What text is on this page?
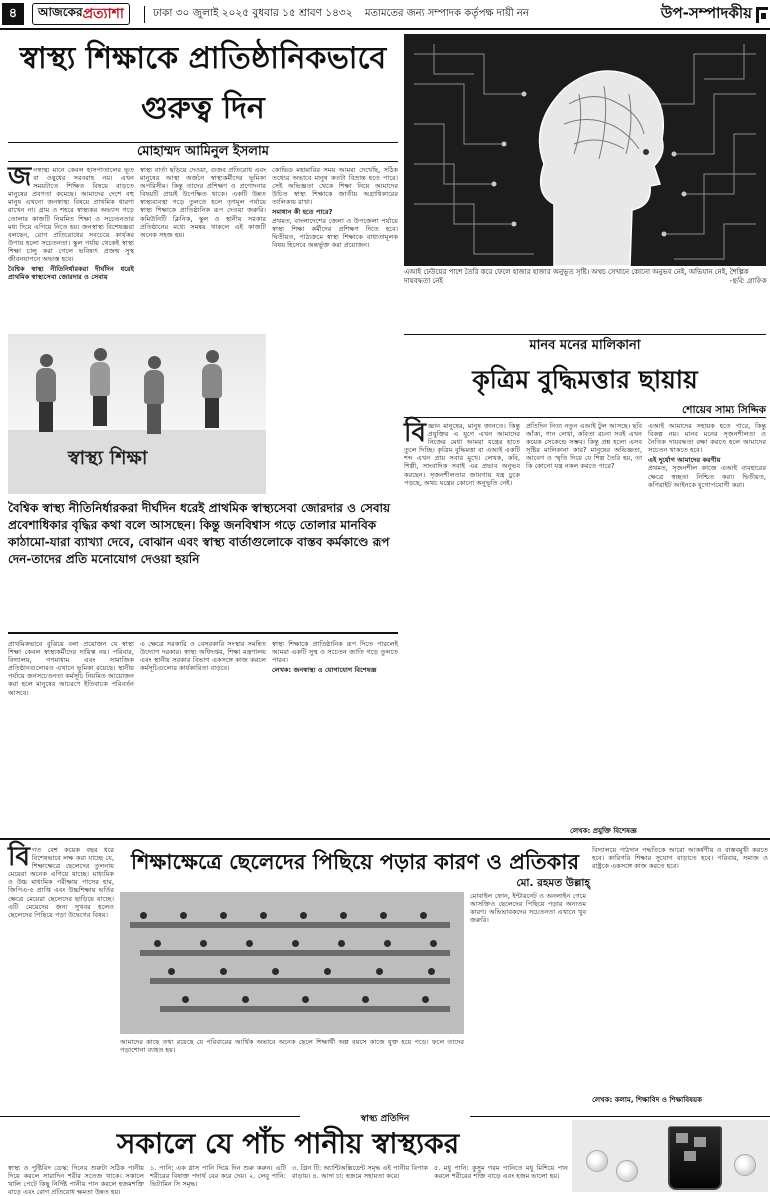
৪	আজকের প্রত্যাশা	ঢাকা ৩০ জুলাই ২০২৫ বুধবার ১৫ শ্রাবণ ১৪৩২ মতামতের জন্য সম্পাদক কর্তৃপক্ষ দায়ী নন	উপ-সম্পাদকীয়
স্বাস্থ্য শিক্ষাকে প্রাতিষ্ঠানিকভাবে
গুরুত্ব দিন
মোহাম্মদ আমিনুল ইসলাম
জ নস্বাস্থ্য মানে কেবল হাসপাতালের ভূত বা ওষুধের সরবরাহ নয়। এখন সময়টাতে শিক্ষিত বিষয়ে বাড়তে মানুষের প্রবণতা কমেছে। আমাদের দেশে বহু মানুষ এখনো জনস্বাস্থ্য বিষয়ে প্রাথমিক ধারণা রাখেন না। গ্রাম ও শহরে স্বাস্থ্যকর অভ্যাস গড়ে তোলার কাজটি নিয়মিত শিক্ষা ও সচেতনতার মধ্য দিয়ে এগিয়ে নিতে হয়। জনস্বাস্থ্য বিশেষজ্ঞরা বলছেন, রোগ প্রতিরোধের সবচেয়ে কার্যকর উপায় হলো সচেতনতা। স্কুল পর্যায় থেকেই স্বাস্থ্য শিক্ষা চালু করা গেলে ভবিষ্যৎ প্রজন্ম সুস্থ জীবনযাপনে অভ্যস্ত হবে।
বৈশ্বিক স্বাস্থ্য নীতিনির্ধারকরা দীর্ঘদিন ধরেই প্রাথমিক স্বাস্থ্যসেবা জোরদার ও সেবায়
স্বাস্থ্য বার্তা ছড়িয়ে দেওয়া, গুজব প্রতিরোধ এবং মানুষের আস্থা অর্জনে স্বাস্থ্যকর্মীদের ভূমিকা অপরিসীম। কিন্তু তাদের প্রশিক্ষণ ও প্রণোদনার বিষয়টি প্রায়ই উপেক্ষিত থাকে। একটি উন্নত স্বাস্থ্যব্যবস্থা গড়ে তুলতে হলে তৃণমূল পর্যায়ে স্বাস্থ্য শিক্ষাকে প্রাতিষ্ঠানিক রূপ দেওয়া জরুরি। কমিউনিটি ক্লিনিক, স্কুল ও স্থানীয় সরকার প্রতিষ্ঠানের মধ্যে সমন্বয় থাকলে এই কাজটি অনেক সহজ হয়।
কোভিড মহামারির সময় আমরা দেখেছি, সঠিক তথ্যের অভাবে মানুষ কতটা বিভ্রান্ত হতে পারে। সেই অভিজ্ঞতা থেকে শিক্ষা নিয়ে আমাদের উচিত স্বাস্থ্য শিক্ষাকে জাতীয় অগ্রাধিকারের তালিকায় রাখা।
সমাধান কী হতে পারে?
প্রথমত, বাংলাদেশের জেলা ও উপজেলা পর্যায়ে স্বাস্থ্য শিক্ষা কর্মীদের প্রশিক্ষণ দিতে হবে। দ্বিতীয়ত, পাঠ্যক্রমে স্বাস্থ্য শিক্ষাকে বাধ্যতামূলক বিষয় হিসেবে অন্তর্ভুক্ত করা প্রয়োজন।
স্বাস্থ্য শিক্ষা
বৈশ্বিক স্বাস্থ্য নীতিনির্ধারকরা দীর্ঘদিন ধরেই প্রাথমিক স্বাস্থ্যসেবা জোরদার ও সেবায় প্রবেশাধিকার বৃদ্ধির কথা বলে আসছেন। কিন্তু জনবিশ্বাস গড়ে তোলার মানবিক কাঠামো-যারা ব্যাখ্যা দেবে, বোঝান এবং স্বাস্থ্য বার্তাগুলোকে বাস্তব কর্মকাণ্ডে রূপ দেন-তাদের প্রতি মনোযোগ দেওয়া হয়নি
প্রাথমিকভাবে বুঝিয়ে বলা প্রয়োজন যে স্বাস্থ্য শিক্ষা কেবল স্বাস্থ্যকর্মীদের দায়িত্ব নয়। পরিবার, বিদ্যালয়, গণমাধ্যম এবং সামাজিক প্রতিষ্ঠানগুলোরও এখানে ভূমিকা রয়েছে। স্থানীয় পর্যায়ে জনসচেতনতা কর্মসূচি নিয়মিত আয়োজন করা হলে মানুষের আচরণে ইতিবাচক পরিবর্তন আসবে।
এ ক্ষেত্রে সরকারি ও বেসরকারি সংস্থার সমন্বিত উদ্যোগ দরকার। স্বাস্থ্য অধিদপ্তর, শিক্ষা মন্ত্রণালয় এবং স্থানীয় সরকার বিভাগ একসঙ্গে কাজ করলে কর্মসূচিগুলোর কার্যকারিতা বাড়বে।
স্বাস্থ্য শিক্ষাকে প্রাতিষ্ঠানিক রূপ দিতে পারলেই আমরা একটি সুস্থ ও সচেতন জাতি গড়ে তুলতে পারব।
লেখক: জনস্বাস্থ্য ও যোগাযোগ বিশেষজ্ঞ
এআই ঢেউয়ের পাশে তৈরি করে ফেলে হাজার হাজার অনুভূত সৃষ্টি। অথচ সেখানে কোনো অনুভব নেই, অভিযান নেই, শৈল্পিক দায়বদ্ধতা নেই	-ছবি: গ্রাফিক
মানব মনের মালিকানা
কৃত্রিম বুদ্ধিমত্তার ছায়ায়
শোয়েব সাম্য সিদ্দিক
বি জ্ঞান মানুষের, মানুষ জানতে। কিন্তু প্রযুক্তির এ যুগে এখন আমাদের নিজের মেধা আমরা যন্ত্রের হাতে তুলে দিচ্ছি। কৃত্রিম বুদ্ধিমত্তা বা এআই একটি শব্দ এখন প্রায় সবার মুখে। লেখক, কবি, শিল্পী, সাংবাদিক সবাই এর প্রভাব অনুভব করছেন। সৃজনশীলতার জায়গায় যন্ত্র ঢুকে পড়ছে, অথচ যন্ত্রের কোনো অনুভূতি নেই।
প্রতিদিন নিত্য নতুন এআই টুল আসছে। ছবি আঁকা, গান লেখা, কবিতা রচনা সবই এখন কয়েক সেকেন্ডে সম্ভব। কিন্তু প্রশ্ন হলো এসব সৃষ্টির মালিকানা কার? মানুষের অভিজ্ঞতা, আবেগ ও স্মৃতি দিয়ে যে শিল্প তৈরি হয়, তা কি কোনো যন্ত্র নকল করতে পারে?
এআই আমাদের সহায়ক হতে পারে, কিন্তু বিকল্প নয়। মানব মনের সৃজনশীলতা ও নৈতিক দায়বদ্ধতা রক্ষা করতে হলে আমাদের সচেতন থাকতে হবে।
এই দুর্যোগ আমাদের করণীয়
প্রথমত, সৃজনশীল কাজে এআই ব্যবহারের ক্ষেত্রে স্বচ্ছতা নিশ্চিত করা। দ্বিতীয়ত, কপিরাইট আইনকে যুগোপযোগী করা।
লেখক: প্রযুক্তি বিশেষজ্ঞ
বি গত বেশ কয়েক বছর ধরে বিশেষভাবে লক্ষ করা যাচ্ছে যে, শিক্ষাক্ষেত্রে ছেলেদের তুলনায় মেয়েরা অনেক এগিয়ে যাচ্ছে। মাধ্যমিক ও উচ্চ মাধ্যমিক পরীক্ষায় পাসের হার, জিপিএ-৫ প্রাপ্তি এবং উচ্চশিক্ষায় ভর্তির ক্ষেত্রে মেয়েরা ছেলেদের ছাড়িয়ে যাচ্ছে। এটি মেয়েদের জন্য সুখবর হলেও ছেলেদের পিছিয়ে পড়া উদ্বেগের বিষয়।
শিক্ষাক্ষেত্রে ছেলেদের পিছিয়ে পড়ার কারণ ও প্রতিকার
মো. রহমত উল্লাহ্
আমাদের কাছে তথ্য রয়েছে যে পরিবারের আর্থিক অভাবে অনেক ছেলে শিক্ষার্থী অল্প বয়সে কাজে যুক্ত হয়ে পড়ে। ফলে তাদের পড়াশোনা ব্যাহত হয়।
মোবাইল ফোন, ইন্টারনেট ও অনলাইন গেমে আসক্তিও ছেলেদের পিছিয়ে পড়ার অন্যতম কারণ। অভিভাবকদের সচেতনতা এখানে খুব জরুরি।
বিদ্যালয়ে পাঠদান পদ্ধতিকে আরো আকর্ষণীয় ও বাস্তবমুখী করতে হবে। কারিগরি শিক্ষার সুযোগ বাড়াতে হবে। পরিবার, সমাজ ও রাষ্ট্রকে একসঙ্গে কাজ করতে হবে।
লেখক: কলাম, শিক্ষাবিদ ও শিক্ষাবিষয়ক
স্বাস্থ্য প্রতিদিন
সকালে যে পাঁচ পানীয় স্বাস্থ্যকর
স্বাস্থ্য ও পুষ্টিবিদ ডেস্ক: দিনের শুরুটা সঠিক পানীয় দিয়ে করলে সারাদিন শরীর সতেজ থাকে। সকালে খালি পেটে কিছু নির্দিষ্ট পানীয় পান করলে হজমশক্তি বাড়ে এবং রোগ প্রতিরোধ ক্ষমতা উন্নত হয়।
১. পানি: এক গ্লাস পানি দিয়ে দিন শুরু করুন। এটি শরীরের বিষাক্ত পদার্থ বের করে দেয়। ২. লেবু পানি: ভিটামিন সি সমৃদ্ধ।
৩. গ্রিন টি: অ্যান্টিঅক্সিডেন্ট সমৃদ্ধ এই পানীয় বিপাক বাড়ায়। ৪. আদা চা: হজমে সহায়তা করে।
৫. মধু পানি: কুসুম গরম পানিতে মধু মিশিয়ে পান করলে শরীরের শক্তি বাড়ে এবং হজম ভালো হয়।
